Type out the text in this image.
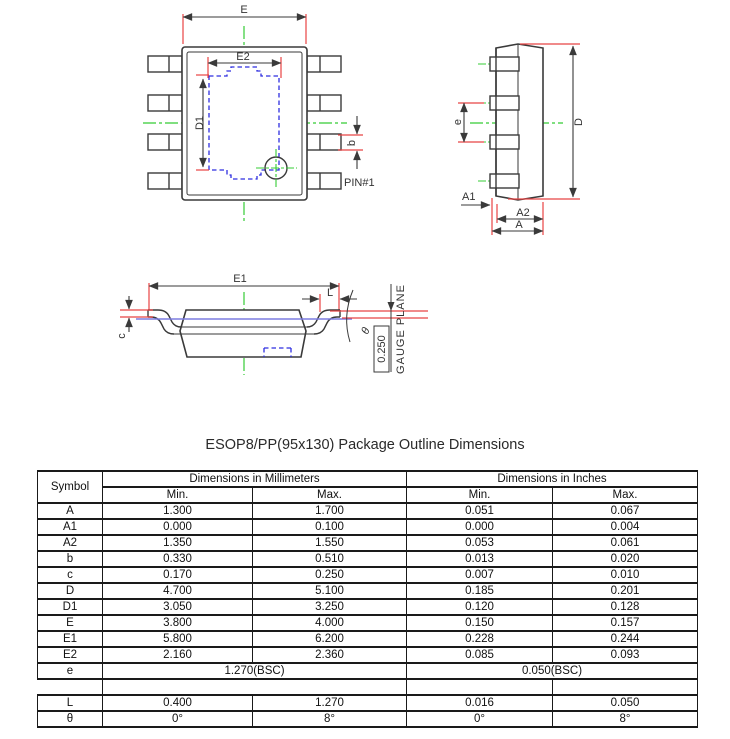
E
E2
D1
b
PIN#1
e	D
A1
A2
A
E1
c
L
θ
0.250 GAUGE PLANE
ESOP8/PP(95x130) Package Outline Dimensions
Symbol	Dimensions in Millimeters		Dimensions in Inches	
	Min.	Max.	Min.	Max.
A	1.300	1.700	0.051	0.067
A1	0.000	0.100	0.000	0.004
A2	1.350	1.550	0.053	0.061
b	0.330	0.510	0.013	0.020
c	0.170	0.250	0.007	0.010
D	4.700	5.100	0.185	0.201
D1	3.050	3.250	0.120	0.128
E	3.800	4.000	0.150	0.157
E1	5.800	6.200	0.228	0.244
E2	2.160	2.360	0.085	0.093
e	1.270(BSC)		0.050(BSC)	

L	0.400	1.270	0.016	0.050
θ	0°	8°	0°	8°
